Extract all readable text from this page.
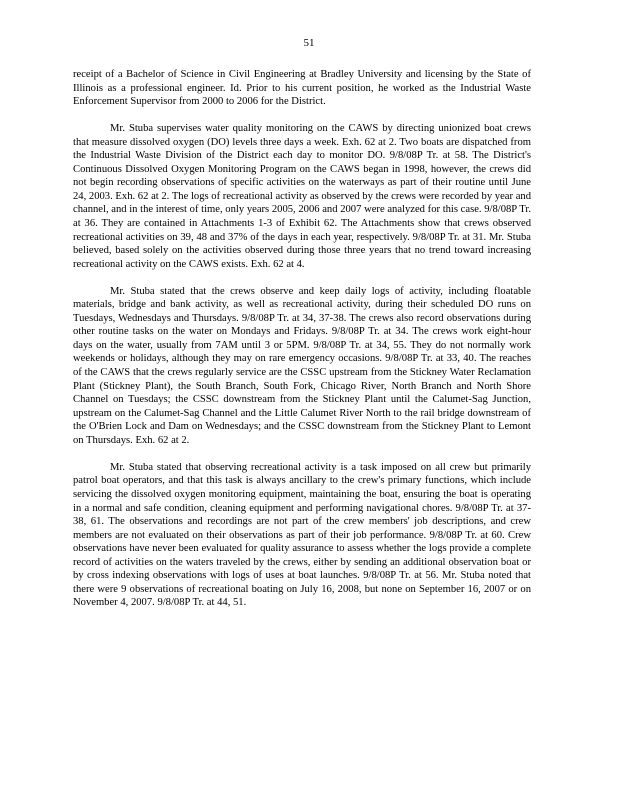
51

receipt of a Bachelor of Science in Civil Engineering at Bradley University and licensing by the State of Illinois as a professional engineer. Id. Prior to his current position, he worked as the Industrial Waste Enforcement Supervisor from 2000 to 2006 for the District.

Mr. Stuba supervises water quality monitoring on the CAWS by directing unionized boat crews that measure dissolved oxygen (DO) levels three days a week. Exh. 62 at 2. Two boats are dispatched from the Industrial Waste Division of the District each day to monitor DO. 9/8/08P Tr. at 58. The District's Continuous Dissolved Oxygen Monitoring Program on the CAWS began in 1998, however, the crews did not begin recording observations of specific activities on the waterways as part of their routine until June 24, 2003. Exh. 62 at 2. The logs of recreational activity as observed by the crews were recorded by year and channel, and in the interest of time, only years 2005, 2006 and 2007 were analyzed for this case. 9/8/08P Tr. at 36. They are contained in Attachments 1-3 of Exhibit 62. The Attachments show that crews observed recreational activities on 39, 48 and 37% of the days in each year, respectively. 9/8/08P Tr. at 31. Mr. Stuba believed, based solely on the activities observed during those three years that no trend toward increasing recreational activity on the CAWS exists. Exh. 62 at 4.

Mr. Stuba stated that the crews observe and keep daily logs of activity, including floatable materials, bridge and bank activity, as well as recreational activity, during their scheduled DO runs on Tuesdays, Wednesdays and Thursdays. 9/8/08P Tr. at 34, 37-38. The crews also record observations during other routine tasks on the water on Mondays and Fridays. 9/8/08P Tr. at 34. The crews work eight-hour days on the water, usually from 7AM until 3 or 5PM. 9/8/08P Tr. at 34, 55. They do not normally work weekends or holidays, although they may on rare emergency occasions. 9/8/08P Tr. at 33, 40. The reaches of the CAWS that the crews regularly service are the CSSC upstream from the Stickney Water Reclamation Plant (Stickney Plant), the South Branch, South Fork, Chicago River, North Branch and North Shore Channel on Tuesdays; the CSSC downstream from the Stickney Plant until the Calumet-Sag Junction, upstream on the Calumet-Sag Channel and the Little Calumet River North to the rail bridge downstream of the O'Brien Lock and Dam on Wednesdays; and the CSSC downstream from the Stickney Plant to Lemont on Thursdays. Exh. 62 at 2.

Mr. Stuba stated that observing recreational activity is a task imposed on all crew but primarily patrol boat operators, and that this task is always ancillary to the crew's primary functions, which include servicing the dissolved oxygen monitoring equipment, maintaining the boat, ensuring the boat is operating in a normal and safe condition, cleaning equipment and performing navigational chores. 9/8/08P Tr. at 37-38, 61. The observations and recordings are not part of the crew members' job descriptions, and crew members are not evaluated on their observations as part of their job performance. 9/8/08P Tr. at 60. Crew observations have never been evaluated for quality assurance to assess whether the logs provide a complete record of activities on the waters traveled by the crews, either by sending an additional observation boat or by cross indexing observations with logs of uses at boat launches. 9/8/08P Tr. at 56. Mr. Stuba noted that there were 9 observations of recreational boating on July 16, 2008, but none on September 16, 2007 or on November 4, 2007. 9/8/08P Tr. at 44, 51.
